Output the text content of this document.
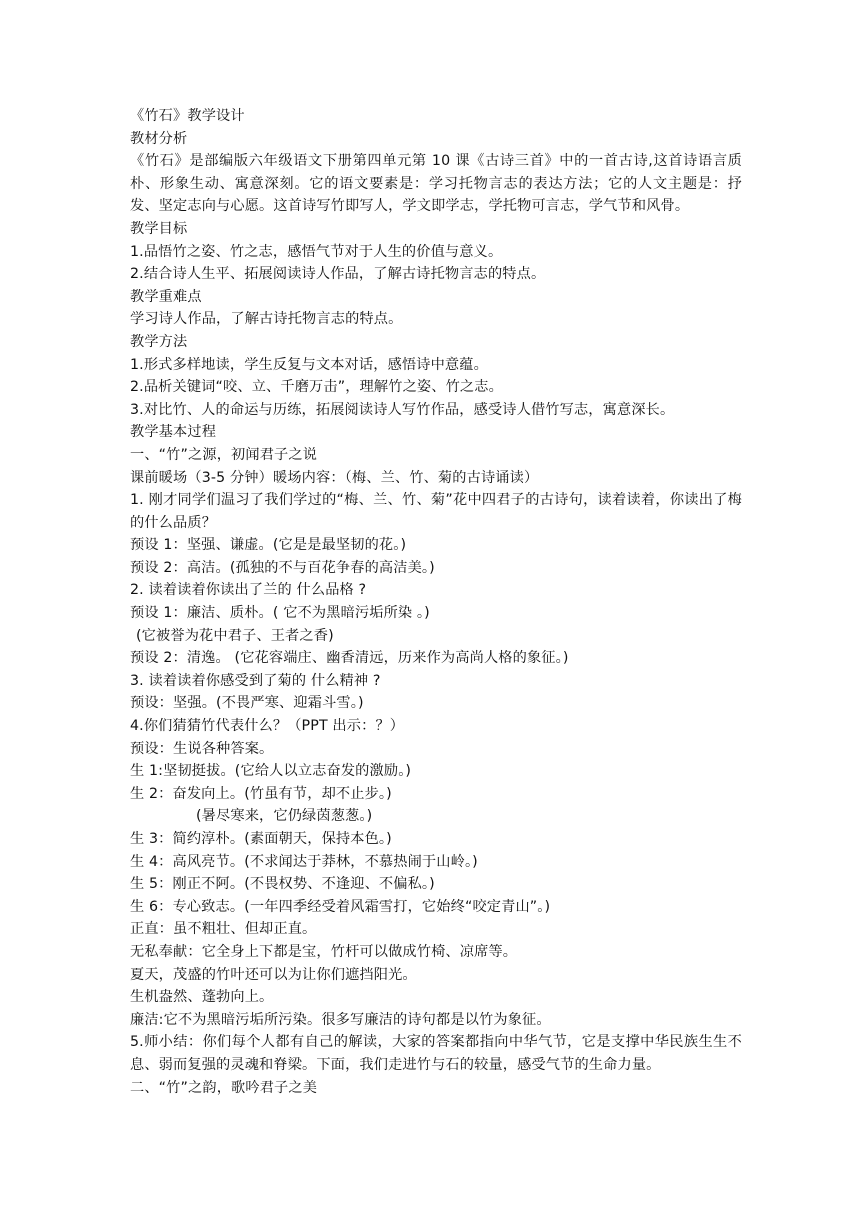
《竹石》教学设计
教材分析
《竹石》是部编版六年级语文下册第四单元第 10 课《古诗三首》中的一首古诗,这首诗语言质朴、形象生动、寓意深刻。它的语文要素是：学习托物言志的表达方法；它的人文主题是：抒发、坚定志向与心愿。这首诗写竹即写人，学文即学志，学托物可言志，学气节和风骨。
教学目标
1.品悟竹之姿、竹之志，感悟气节对于人生的价值与意义。
2.结合诗人生平、拓展阅读诗人作品，了解古诗托物言志的特点。
教学重难点
学习诗人作品，了解古诗托物言志的特点。
教学方法
1.形式多样地读，学生反复与文本对话，感悟诗中意蕴。
2.品析关键词“咬、立、千磨万击”，理解竹之姿、竹之志。
3.对比竹、人的命运与历练，拓展阅读诗人写竹作品，感受诗人借竹写志，寓意深长。
教学基本过程
一、“竹”之源，初闻君子之说
课前暖场（3-5 分钟）暖场内容：（梅、兰、竹、菊的古诗诵读）
1. 刚才同学们温习了我们学过的“梅、兰、竹、菊”花中四君子的古诗句，读着读着，你读出了梅的什么品质？
预设 1：坚强、谦虚。(它是是最坚韧的花。)
预设 2：高洁。(孤独的不与百花争春的高洁美。)
2. 读着读着你读出了兰的 什么品格 ?
预设 1：廉洁、质朴。( 它不为黑暗污垢所染 。)
(它被誉为花中君子、王者之香)
预设 2：清逸。 (它花容端庄、幽香清远，历来作为高尚人格的象征。)
3. 读着读着你感受到了菊的 什么精神 ?
预设：坚强。(不畏严寒、迎霜斗雪。)
4.你们猜猜竹代表什么？（PPT 出示：？）
预设：生说各种答案。
生 1:坚韧挺拔。(它给人以立志奋发的激励。)
生 2：奋发向上。(竹虽有节，却不止步。)
(暑尽寒来，它仍绿茵葱葱。)
生 3：简约淳朴。(素面朝天，保持本色。)
生 4：高风亮节。(不求闻达于莽林，不慕热闹于山岭。)
生 5：刚正不阿。(不畏权势、不逢迎、不偏私。)
生 6：专心致志。(一年四季经受着风霜雪打，它始终“咬定青山”。)
正直：虽不粗壮、但却正直。
无私奉献：它全身上下都是宝，竹杆可以做成竹椅、凉席等。
夏天，茂盛的竹叶还可以为让你们遮挡阳光。
生机盎然、蓬勃向上。
廉洁:它不为黑暗污垢所污染。很多写廉洁的诗句都是以竹为象征。
5.师小结：你们每个人都有自己的解读，大家的答案都指向中华气节，它是支撑中华民族生生不息、弱而复强的灵魂和脊梁。下面，我们走进竹与石的较量，感受气节的生命力量。
二、“竹”之韵，歌吟君子之美
